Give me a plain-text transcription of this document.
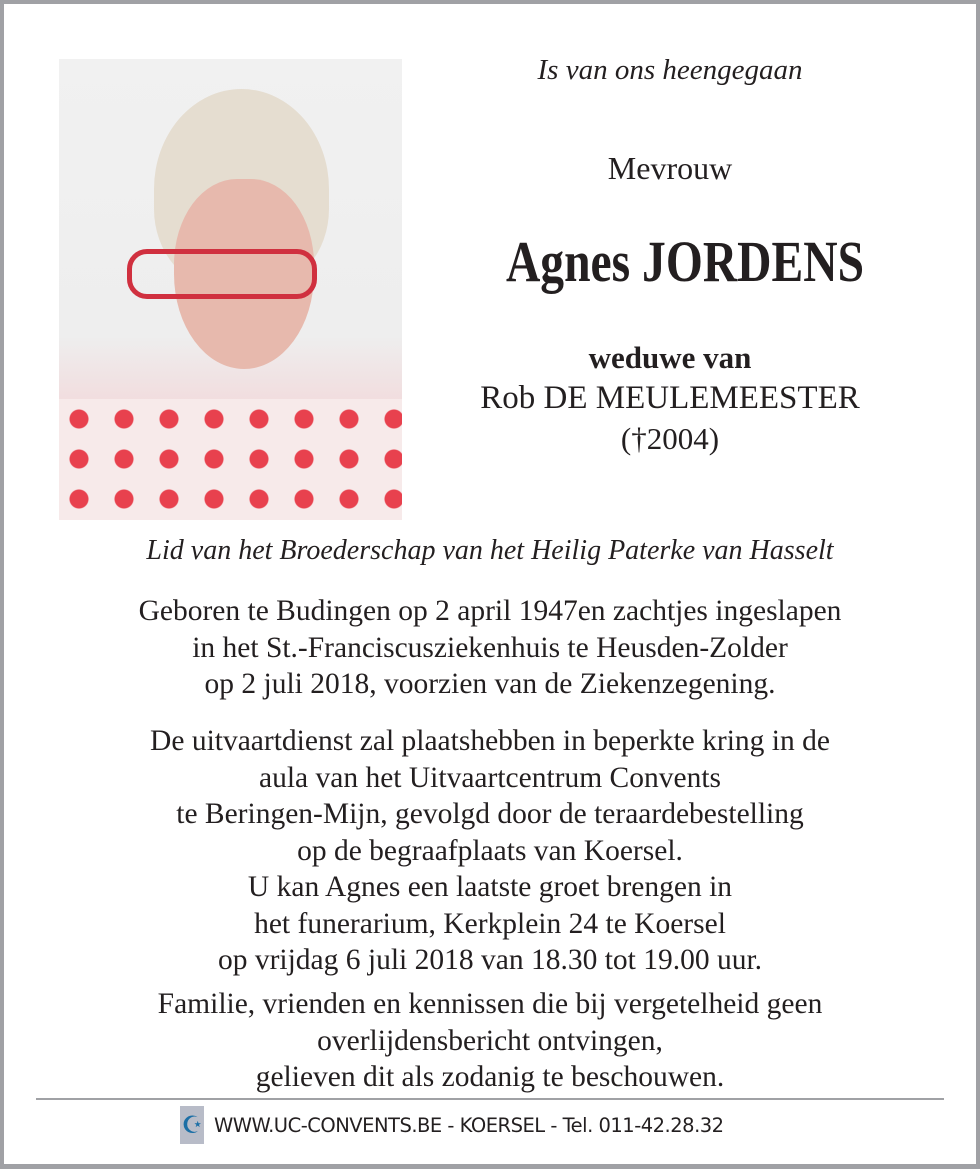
Is van ons heengegaan
Mevrouw
Agnes JORDENS
weduwe van
Rob DE MEULEMEESTER
(†2004)
Lid van het Broederschap van het Heilig Paterke van Hasselt
Geboren te Budingen op 2 april 1947en zachtjes ingeslapen
in het St.-Franciscusziekenhuis te Heusden-Zolder
op 2 juli 2018, voorzien van de Ziekenzegening.
De uitvaartdienst zal plaatshebben in beperkte kring in de
aula van het Uitvaartcentrum Convents
te Beringen-Mijn, gevolgd door de teraardebestelling
op de begraafplaats van Koersel.
U kan Agnes een laatste groet brengen in
het funerarium, Kerkplein 24 te Koersel
op vrijdag 6 juli 2018 van 18.30 tot 19.00 uur.
Familie, vrienden en kennissen die bij vergetelheid geen
overlijdensbericht ontvingen,
gelieven dit als zodanig te beschouwen.
☪ WWW.UC-CONVENTS.BE - KOERSEL - Tel. 011-42.28.32
